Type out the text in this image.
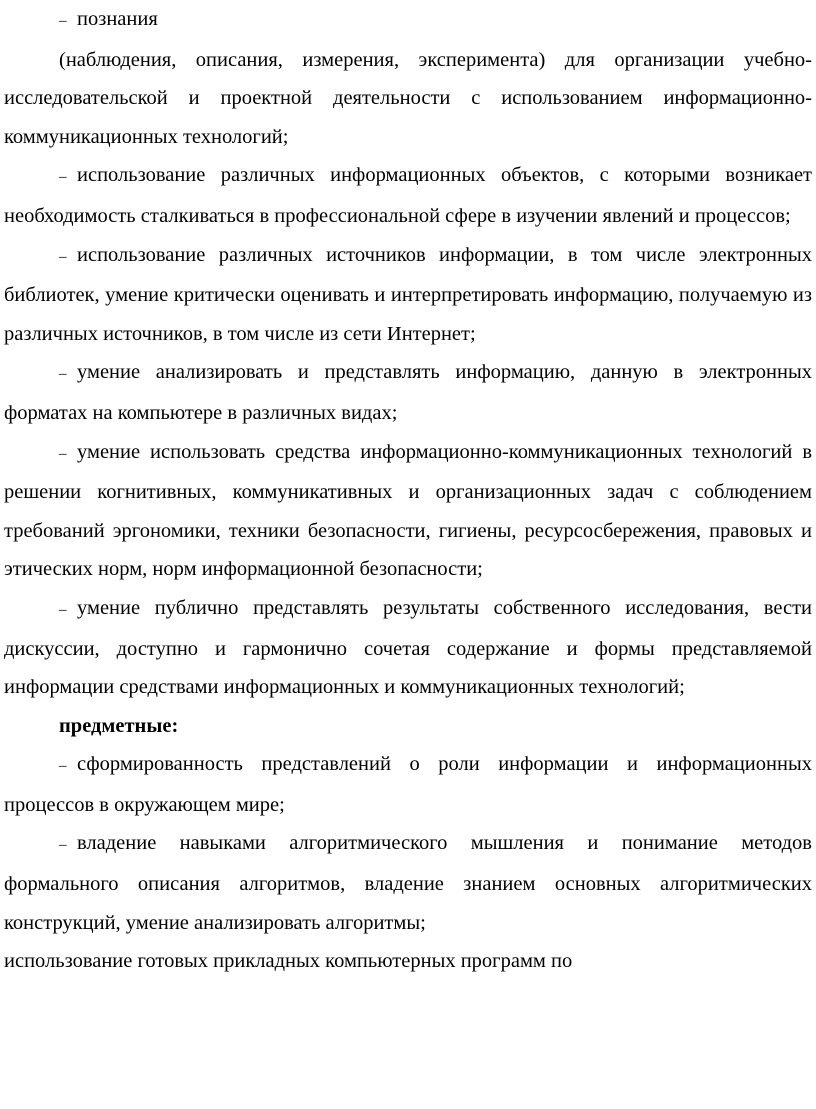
– познания

(наблюдения, описания, измерения, эксперимента) для организации учебно-исследовательской и проектной деятельности с использованием информационно-коммуникационных технологий;

– использование различных информационных объектов, с которыми возникает необходимость сталкиваться в профессиональной сфере в изучении явлений и процессов;

– использование различных источников информации, в том числе электронных библиотек, умение критически оценивать и интерпретировать информацию, получаемую из различных источников, в том числе из сети Интернет;

– умение анализировать и представлять информацию, данную в электронных форматах на компьютере в различных видах;

– умение использовать средства информационно-коммуникационных технологий в решении когнитивных, коммуникативных и организационных задач с соблюдением требований эргономики, техники безопасности, гигиены, ресурсосбережения, правовых и этических норм, норм информационной безопасности;

– умение публично представлять результаты собственного исследования, вести дискуссии, доступно и гармонично сочетая содержание и формы представляемой информации средствами информационных и коммуникационных технологий;

предметные:

– сформированность представлений о роли информации и информационных процессов в окружающем мире;

– владение навыками алгоритмического мышления и понимание методов формального описания алгоритмов, владение знанием основных алгоритмических конструкций, умение анализировать алгоритмы;

использование готовых прикладных компьютерных программ по
